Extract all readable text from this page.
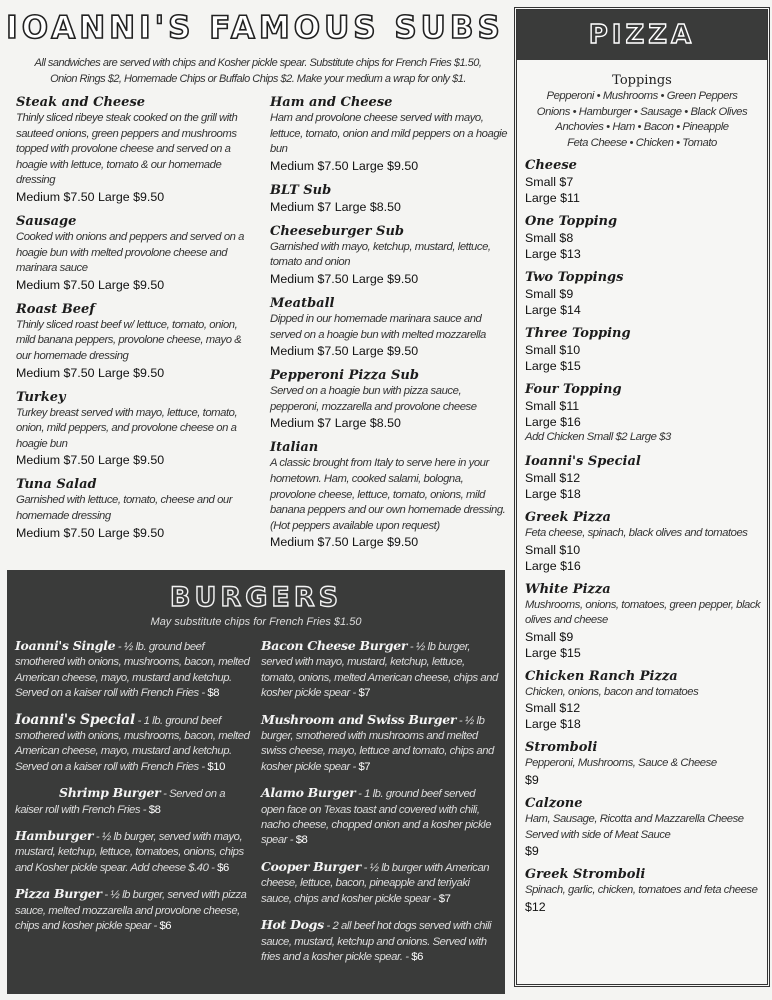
IOANNI'S FAMOUS SUBS
All sandwiches are served with chips and Kosher pickle spear. Substitute chips for French Fries $1.50,
Onion Rings $2, Homemade Chips or Buffalo Chips $2. Make your medium a wrap for only $1.
Steak and Cheese
Thinly sliced ribeye steak cooked on the grill with sauteed onions, green peppers and mushrooms topped with provolone cheese and served on a hoagie with lettuce, tomato & our homemade dressing
Medium $7.50 Large $9.50
Sausage
Cooked with onions and peppers and served on a hoagie bun with melted provolone cheese and marinara sauce
Medium $7.50 Large $9.50
Roast Beef
Thinly sliced roast beef w/ lettuce, tomato, onion, mild banana peppers, provolone cheese, mayo & our homemade dressing
Medium $7.50 Large $9.50
Turkey
Turkey breast served with mayo, lettuce, tomato, onion, mild peppers, and provolone cheese on a hoagie bun
Medium $7.50 Large $9.50
Tuna Salad
Garnished with lettuce, tomato, cheese and our homemade dressing
Medium $7.50 Large $9.50
Ham and Cheese
Ham and provolone cheese served with mayo, lettuce, tomato, onion and mild peppers on a hoagie bun
Medium $7.50 Large $9.50
BLT Sub
Medium $7 Large $8.50
Cheeseburger Sub
Garnished with mayo, ketchup, mustard, lettuce, tomato and onion
Medium $7.50 Large $9.50
Meatball
Dipped in our homemade marinara sauce and served on a hoagie bun with melted mozzarella
Medium $7.50 Large $9.50
Pepperoni Pizza Sub
Served on a hoagie bun with pizza sauce, pepperoni, mozzarella and provolone cheese
Medium $7 Large $8.50
Italian
A classic brought from Italy to serve here in your hometown. Ham, cooked salami, bologna, provolone cheese, lettuce, tomato, onions, mild banana peppers and our own homemade dressing. (Hot peppers available upon request)
Medium $7.50 Large $9.50
BURGERS
May substitute chips for French Fries $1.50
Ioanni's Single - ½ lb. ground beef smothered with onions, mushrooms, bacon, melted American cheese, mayo, mustard and ketchup. Served on a kaiser roll with French Fries - $8
Ioanni's Special - 1 lb. ground beef smothered with onions, mushrooms, bacon, melted American cheese, mayo, mustard and ketchup. Served on a kaiser roll with French Fries - $10
Shrimp Burger - Served on a kaiser roll with French Fries - $8
Hamburger - ½ lb burger, served with mayo, mustard, ketchup, lettuce, tomatoes, onions, chips and Kosher pickle spear. Add cheese $.40 - $6
Pizza Burger - ½ lb burger, served with pizza sauce, melted mozzarella and provolone cheese, chips and kosher pickle spear - $6
Bacon Cheese Burger - ½ lb burger, served with mayo, mustard, ketchup, lettuce, tomato, onions, melted American cheese, chips and kosher pickle spear - $7
Mushroom and Swiss Burger - ½ lb burger, smothered with mushrooms and melted swiss cheese, mayo, lettuce and tomato, chips and kosher pickle spear - $7
Alamo Burger - 1 lb. ground beef served open face on Texas toast and covered with chili, nacho cheese, chopped onion and a kosher pickle spear - $8
Cooper Burger - ½ lb burger with American cheese, lettuce, bacon, pineapple and teriyaki sauce, chips and kosher pickle spear - $7
Hot Dogs - 2 all beef hot dogs served with chili sauce, mustard, ketchup and onions. Served with fries and a kosher pickle spear. - $6
PIZZA
Toppings
Pepperoni • Mushrooms • Green Peppers
Onions • Hamburger • Sausage • Black Olives
Anchovies • Ham • Bacon • Pineapple
Feta Cheese • Chicken • Tomato
Cheese
Small $7
Large $11
One Topping
Small $8
Large $13
Two Toppings
Small $9
Large $14
Three Topping
Small $10
Large $15
Four Topping
Small $11
Large $16
Add Chicken Small $2 Large $3
Ioanni's Special
Small $12
Large $18
Greek Pizza
Feta cheese, spinach, black olives and tomatoes
Small $10
Large $16
White Pizza
Mushrooms, onions, tomatoes, green pepper, black olives and cheese
Small $9
Large $15
Chicken Ranch Pizza
Chicken, onions, bacon and tomatoes
Small $12
Large $18
Stromboli
Pepperoni, Mushrooms, Sauce & Cheese
$9
Calzone
Ham, Sausage, Ricotta and Mazzarella Cheese Served with side of Meat Sauce
$9
Greek Stromboli
Spinach, garlic, chicken, tomatoes and feta cheese
$12
